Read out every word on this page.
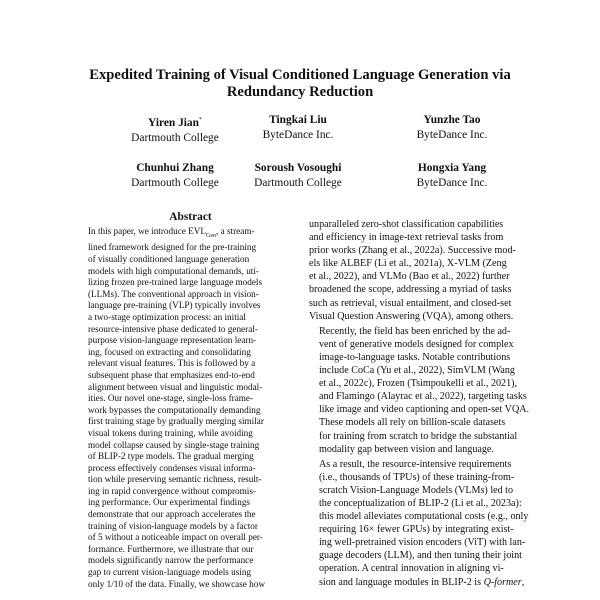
Expedited Training of Visual Conditioned Language Generation via
Redundancy Reduction
Yiren Jian*
Dartmouth College
Tingkai Liu
ByteDance Inc.
Yunzhe Tao
ByteDance Inc.
Chunhui Zhang
Dartmouth College
Soroush Vosoughi
Dartmouth College
Hongxia Yang
ByteDance Inc.
Abstract
In this paper, we introduce $EVL_{Gen}$, a stream-
lined framework designed for the pre-training
of visually conditioned language generation
models with high computational demands, uti-
lizing frozen pre-trained large language models
(LLMs). The conventional approach in vision-
language pre-training (VLP) typically involves
a two-stage optimization process: an initial
resource-intensive phase dedicated to general-
purpose vision-language representation learn-
ing, focused on extracting and consolidating
relevant visual features. This is followed by a
subsequent phase that emphasizes end-to-end
alignment between visual and linguistic modal-
ities. Our novel one-stage, single-loss frame-
work bypasses the computationally demanding
first training stage by gradually merging similar
visual tokens during training, while avoiding
model collapse caused by single-stage training
of BLIP-2 type models. The gradual merging
process effectively condenses visual informa-
tion while preserving semantic richness, result-
ing in rapid convergence without compromis-
ing performance. Our experimental findings
demonstrate that our approach accelerates the
training of vision-language models by a factor
of 5 without a noticeable impact on overall per-
formance. Furthermore, we illustrate that our
models significantly narrow the performance
gap to current vision-language models using
only 1/10 of the data. Finally, we showcase how

unparalleled zero-shot classification capabilities
and efficiency in image-text retrieval tasks from
prior works (Zhang et al., 2022a). Successive mod-
els like ALBEF (Li et al., 2021a), X-VLM (Zeng
et al., 2022), and VLMo (Bao et al., 2022) further
broadened the scope, addressing a myriad of tasks
such as retrieval, visual entailment, and closed-set
Visual Question Answering (VQA), among others.

Recently, the field has been enriched by the ad-
vent of generative models designed for complex
image-to-language tasks. Notable contributions
include CoCa (Yu et al., 2022), SimVLM (Wang
et al., 2022c), Frozen (Tsimpoukelli et al., 2021),
and Flamingo (Alayrac et al., 2022), targeting tasks
like image and video captioning and open-set VQA.
These models all rely on billion-scale datasets
for training from scratch to bridge the substantial
modality gap between vision and language.

As a result, the resource-intensive requirements
(i.e., thousands of TPUs) of these training-from-
scratch Vision-Language Models (VLMs) led to
the conceptualization of BLIP-2 (Li et al., 2023a):
this model alleviates computational costs (e.g., only
requiring 16× fewer GPUs) by integrating exist-
ing well-pretrained vision encoders (ViT) with lan-
guage decoders (LLM), and then tuning their joint
operation. A central innovation in aligning vi-
sion and language modules in BLIP-2 is Q-former,
